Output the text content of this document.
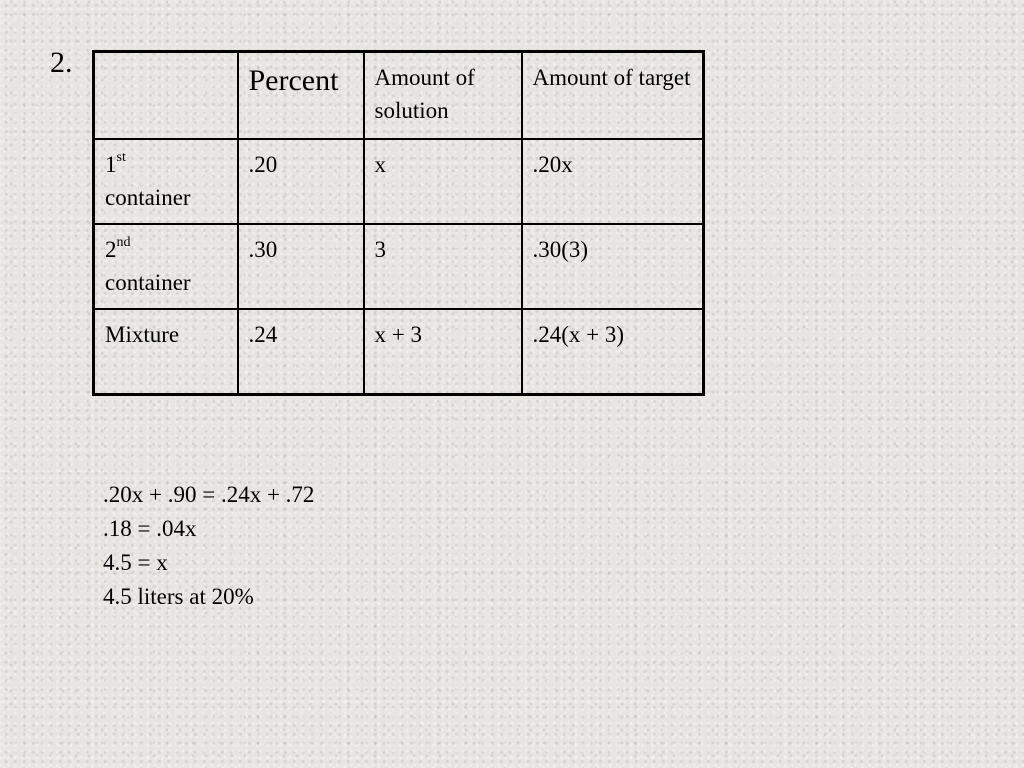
2.
	Percent	Amount of solution	Amount of target
1st
container	.20	x	.20x
2nd
container	.30	3	.30(3)
Mixture	.24	x + 3	.24(x + 3)
.20x + .90 = .24x + .72
.18 = .04x
4.5 = x
4.5 liters at 20%
